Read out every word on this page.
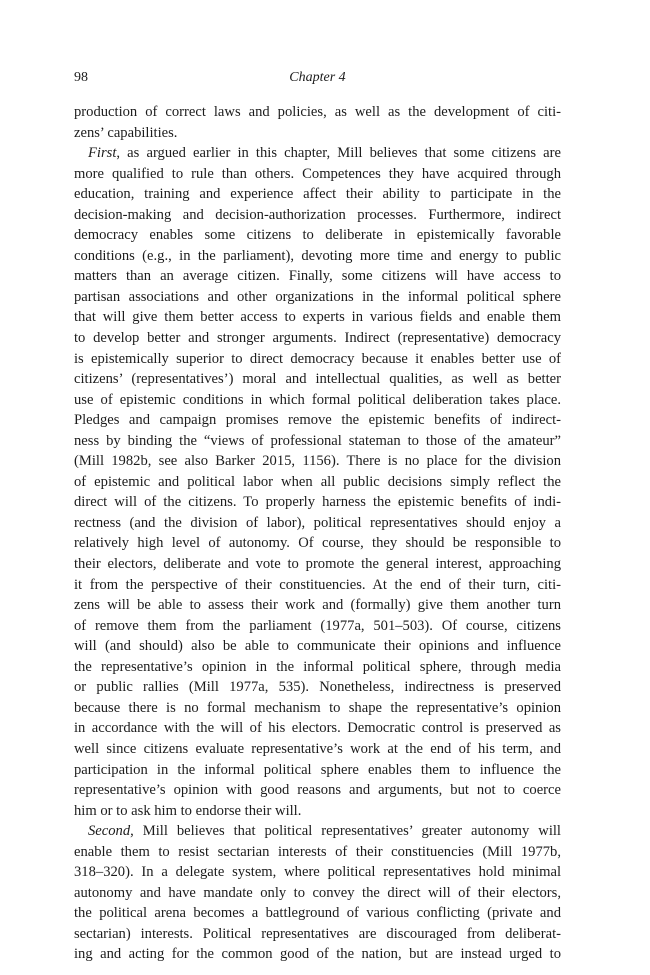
98	Chapter 4
production of correct laws and policies, as well as the development of citi-
zens’ capabilities.
First, as argued earlier in this chapter, Mill believes that some citizens are
more qualified to rule than others. Competences they have acquired through
education, training and experience affect their ability to participate in the
decision-making and decision-authorization processes. Furthermore, indirect
democracy enables some citizens to deliberate in epistemically favorable
conditions (e.g., in the parliament), devoting more time and energy to public
matters than an average citizen. Finally, some citizens will have access to
partisan associations and other organizations in the informal political sphere
that will give them better access to experts in various fields and enable them
to develop better and stronger arguments. Indirect (representative) democracy
is epistemically superior to direct democracy because it enables better use of
citizens’ (representatives’) moral and intellectual qualities, as well as better
use of epistemic conditions in which formal political deliberation takes place.
Pledges and campaign promises remove the epistemic benefits of indirect-
ness by binding the “views of professional stateman to those of the amateur”
(Mill 1982b, see also Barker 2015, 1156). There is no place for the division
of epistemic and political labor when all public decisions simply reflect the
direct will of the citizens. To properly harness the epistemic benefits of indi-
rectness (and the division of labor), political representatives should enjoy a
relatively high level of autonomy. Of course, they should be responsible to
their electors, deliberate and vote to promote the general interest, approaching
it from the perspective of their constituencies. At the end of their turn, citi-
zens will be able to assess their work and (formally) give them another turn
of remove them from the parliament (1977a, 501–503). Of course, citizens
will (and should) also be able to communicate their opinions and influence
the representative’s opinion in the informal political sphere, through media
or public rallies (Mill 1977a, 535). Nonetheless, indirectness is preserved
because there is no formal mechanism to shape the representative’s opinion
in accordance with the will of his electors. Democratic control is preserved as
well since citizens evaluate representative’s work at the end of his term, and
participation in the informal political sphere enables them to influence the
representative’s opinion with good reasons and arguments, but not to coerce
him or to ask him to endorse their will.
Second, Mill believes that political representatives’ greater autonomy will
enable them to resist sectarian interests of their constituencies (Mill 1977b,
318–320). In a delegate system, where political representatives hold minimal
autonomy and have mandate only to convey the direct will of their electors,
the political arena becomes a battleground of various conflicting (private and
sectarian) interests. Political representatives are discouraged from deliberat-
ing and acting for the common good of the nation, but are instead urged to
